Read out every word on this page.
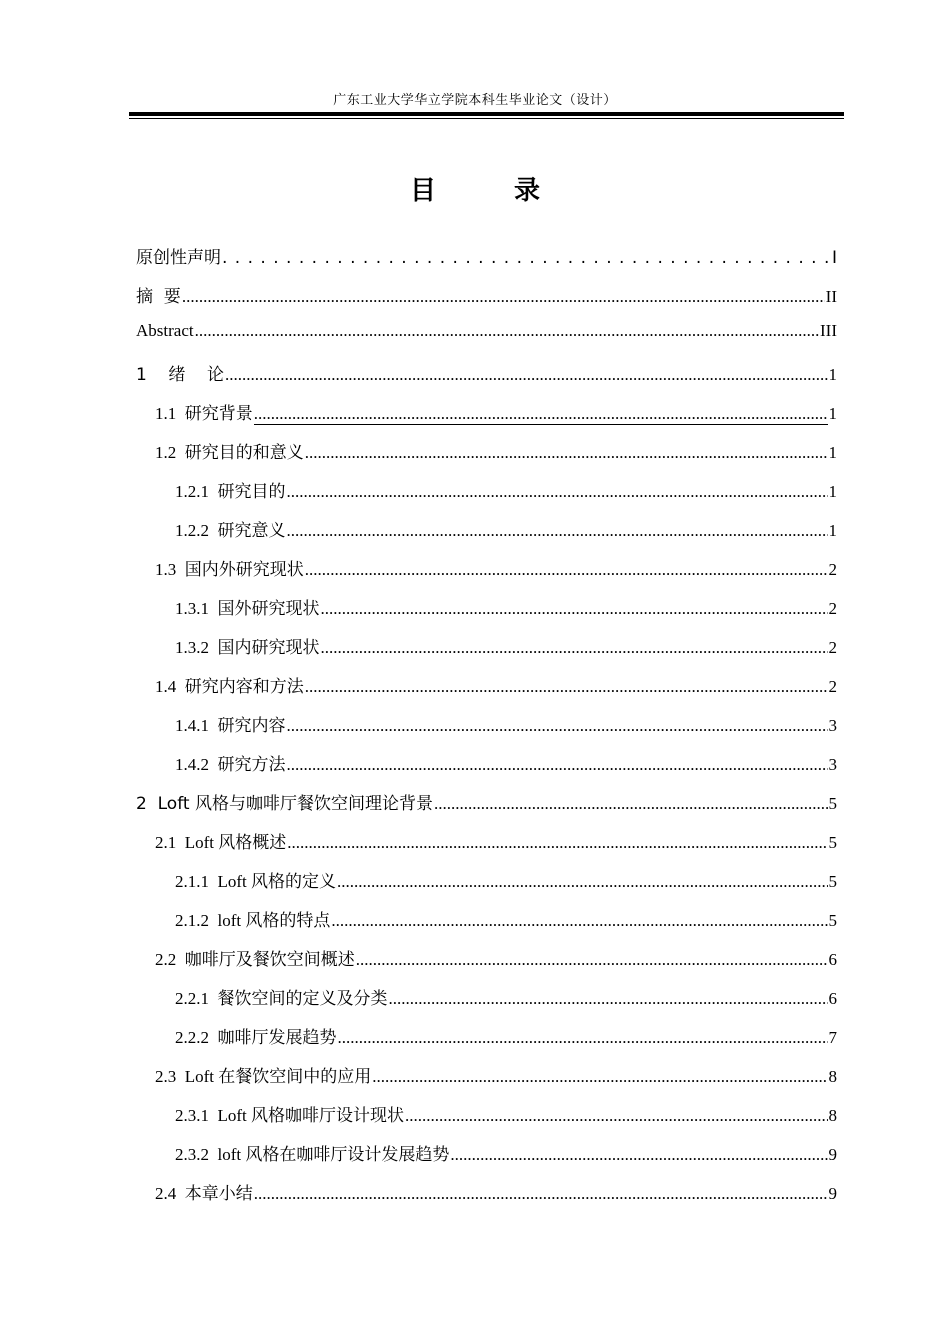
广东工业大学华立学院本科生毕业论文（设计）
目　录
原创性声明 . . .	I
摘  要 .....	II
Abstract .....	III
1    绪    论 .....	1
1.1  研究背景 .....	1
1.2  研究目的和意义 .....	1
1.2.1  研究目的 .....	1
1.2.2  研究意义 .....	1
1.3  国内外研究现状 .....	2
1.3.1  国外研究现状 .....	2
1.3.2  国内研究现状 .....	2
1.4  研究内容和方法 .....	2
1.4.1  研究内容 .....	3
1.4.2  研究方法 .....	3
2  Loft 风格与咖啡厅餐饮空间理论背景 .....	5
2.1  Loft 风格概述 .....	5
2.1.1  Loft 风格的定义 .....	5
2.1.2  loft 风格的特点 .....	5
2.2  咖啡厅及餐饮空间概述 .....	6
2.2.1  餐饮空间的定义及分类 .....	6
2.2.2  咖啡厅发展趋势 .....	7
2.3  Loft 在餐饮空间中的应用 .....	8
2.3.1  Loft 风格咖啡厅设计现状 .....	8
2.3.2  loft 风格在咖啡厅设计发展趋势 .....	9
2.4  本章小结 .....	9
